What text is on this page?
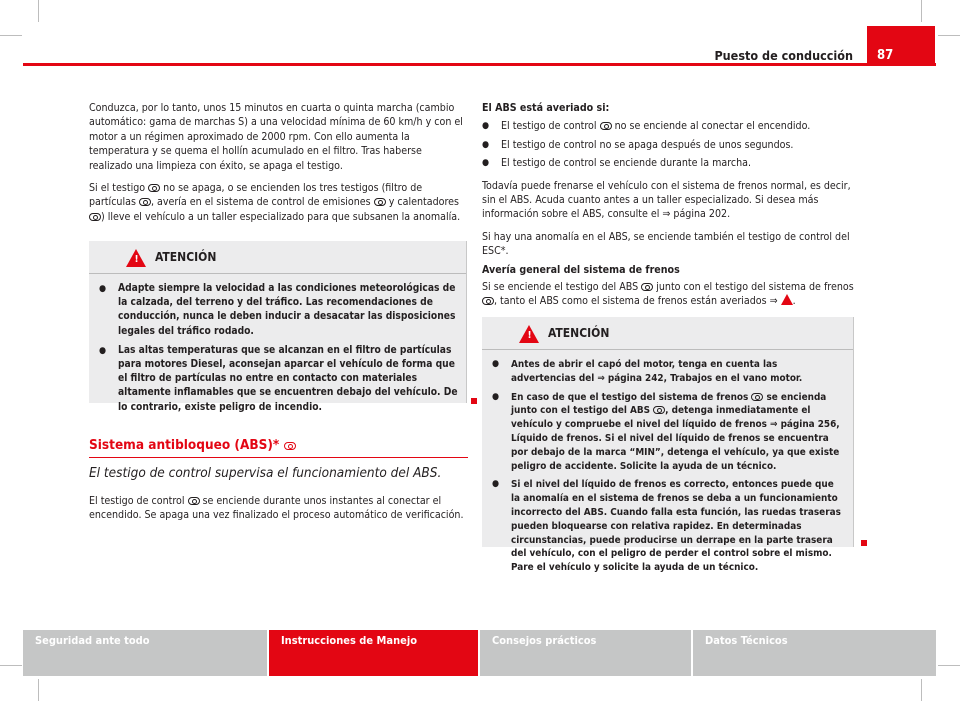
Puesto de conducción	87

Conduzca, por lo tanto, unos 15 minutos en cuarta o quinta marcha (cambio automático: gama de marchas S) a una velocidad mínima de 60 km/h y con el motor a un régimen aproximado de 2000 rpm. Con ello aumenta la temperatura y se quema el hollín acumulado en el filtro. Tras haberse realizado una limpieza con éxito, se apaga el testigo.

Si el testigo no se apaga, o se encienden los tres testigos (filtro de partículas , avería en el sistema de control de emisiones y calentadores ) lleve el vehículo a un taller especializado para que subsanen la anomalía.

! ATENCIÓN
● Adapte siempre la velocidad a las condiciones meteorológicas de la calzada, del terreno y del tráfico. Las recomendaciones de conducción, nunca le deben inducir a desacatar las disposiciones legales del tráfico rodado.
● Las altas temperaturas que se alcanzan en el filtro de partículas para motores Diesel, aconsejan aparcar el vehículo de forma que el filtro de partículas no entre en contacto con materiales altamente inflamables que se encuentren debajo del vehículo. De lo contrario, existe peligro de incendio.
Sistema antibloqueo (ABS)*
El testigo de control supervisa el funcionamiento del ABS.

El testigo de control se enciende durante unos instantes al conectar el encendido. Se apaga una vez finalizado el proceso automático de verificación.

El ABS está averiado si:

● El testigo de control no se enciende al conectar el encendido.
● El testigo de control no se apaga después de unos segundos.
● El testigo de control se enciende durante la marcha.

Todavía puede frenarse el vehículo con el sistema de frenos normal, es decir, sin el ABS. Acuda cuanto antes a un taller especializado. Si desea más información sobre el ABS, consulte el ⇒ página 202.

Si hay una anomalía en el ABS, se enciende también el testigo de control del ESC*.

Avería general del sistema de frenos

Si se enciende el testigo del ABS junto con el testigo del sistema de frenos , tanto el ABS como el sistema de frenos están averiados ⇒ .

! ATENCIÓN
● Antes de abrir el capó del motor, tenga en cuenta las advertencias del ⇒ página 242, Trabajos en el vano motor.
● En caso de que el testigo del sistema de frenos se encienda junto con el testigo del ABS , detenga inmediatamente el vehículo y compruebe el nivel del líquido de frenos ⇒ página 256, Líquido de frenos. Si el nivel del líquido de frenos se encuentra por debajo de la marca “MIN”, detenga el vehículo, ya que existe peligro de accidente. Solicite la ayuda de un técnico.
● Si el nivel del líquido de frenos es correcto, entonces puede que la anomalía en el sistema de frenos se deba a un funcionamiento incorrecto del ABS. Cuando falla esta función, las ruedas traseras pueden bloquearse con relativa rapidez. En determinadas circunstancias, puede producirse un derrape en la parte trasera del vehículo, con el peligro de perder el control sobre el mismo. Pare el vehículo y solicite la ayuda de un técnico.
Seguridad ante todo	Instrucciones de Manejo	Consejos prácticos	Datos Técnicos
